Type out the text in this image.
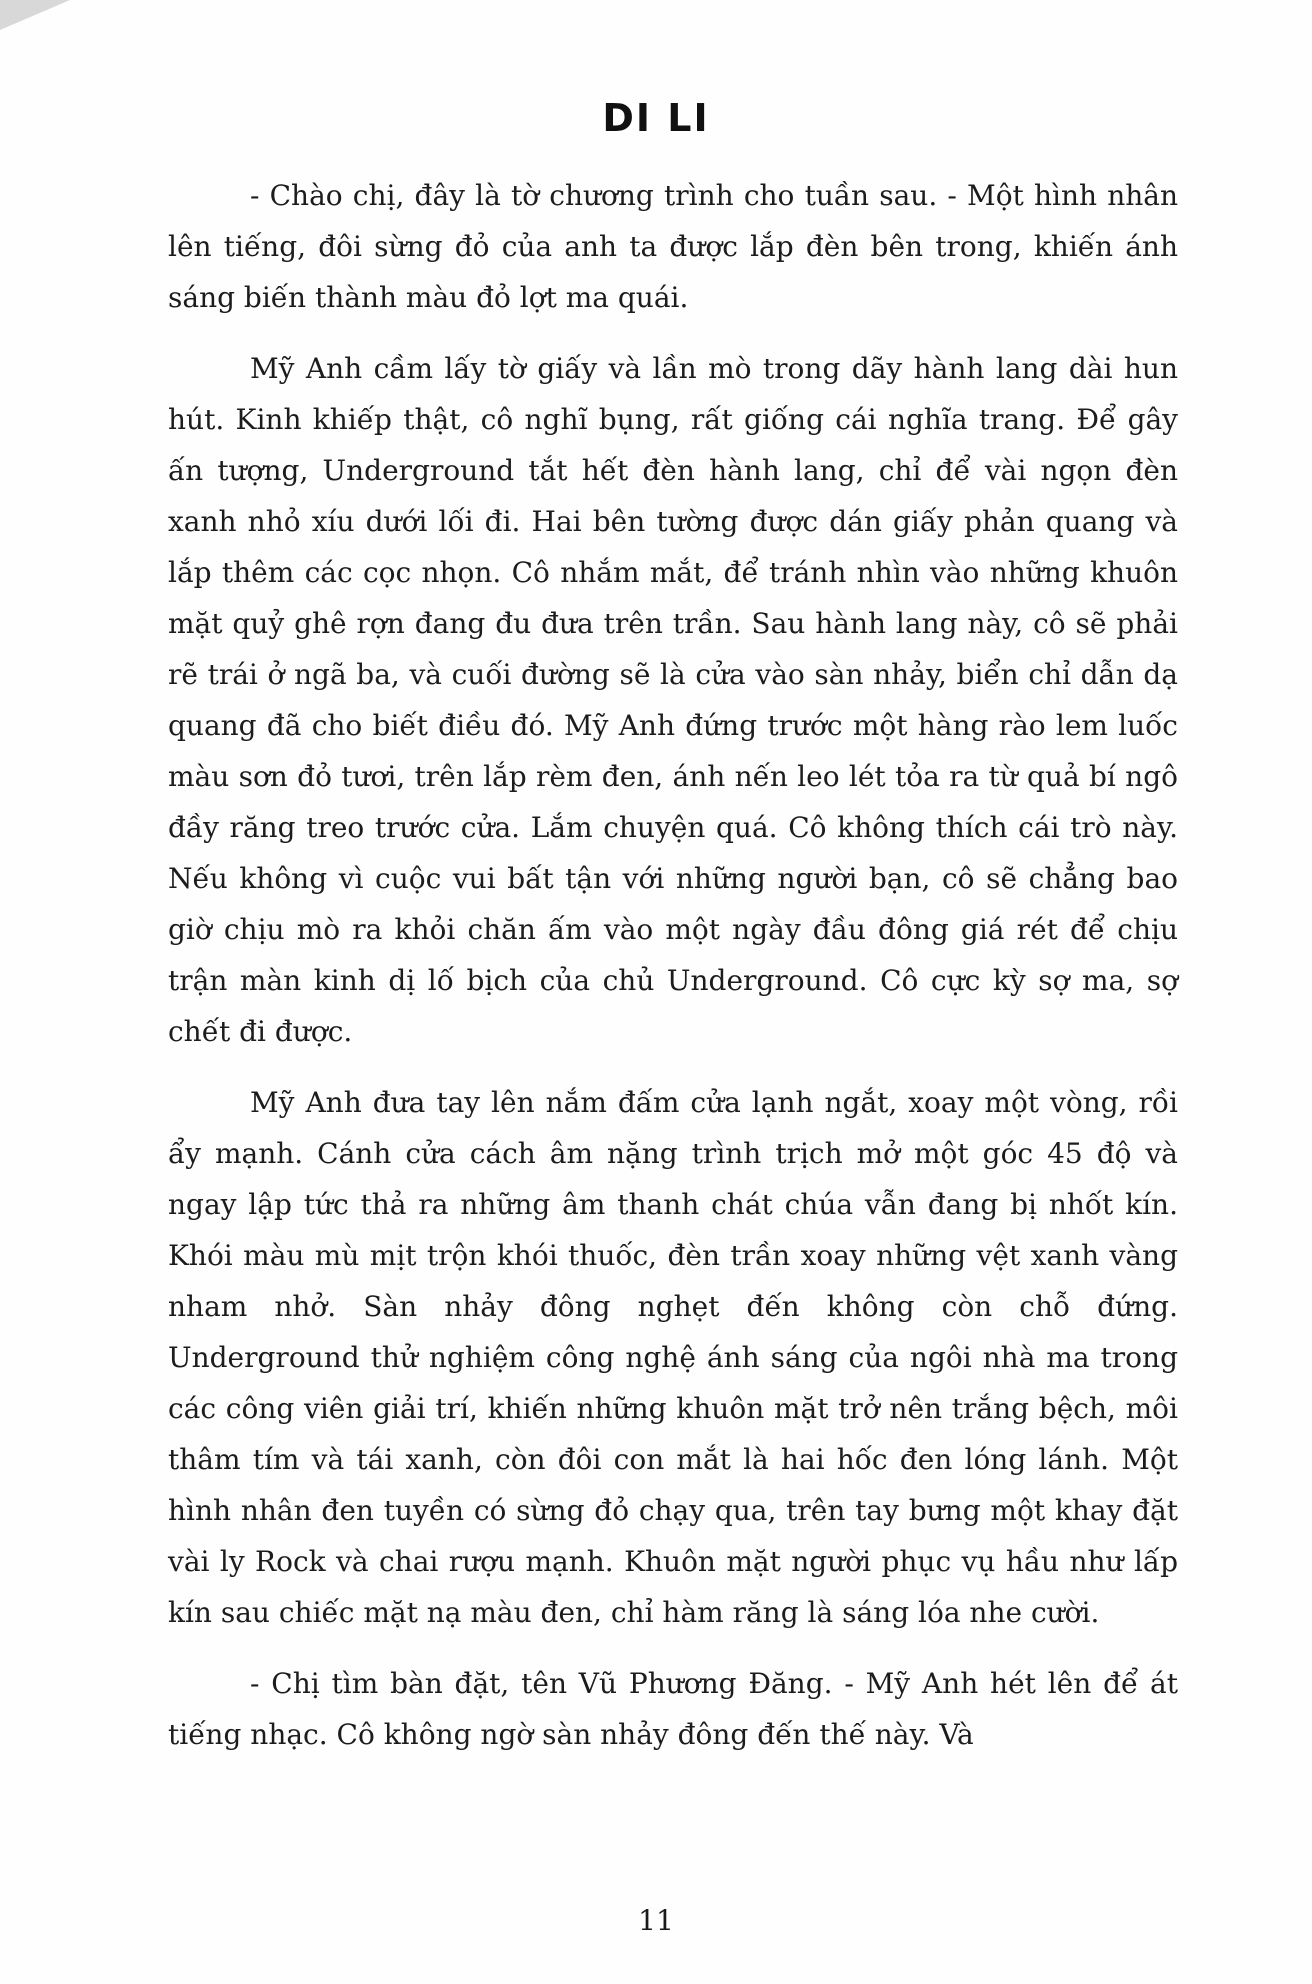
DI LI

- Chào chị, đây là tờ chương trình cho tuần sau. - Một hình nhân lên tiếng, đôi sừng đỏ của anh ta được lắp đèn bên trong, khiến ánh sáng biến thành màu đỏ lợt ma quái.

Mỹ Anh cầm lấy tờ giấy và lần mò trong dãy hành lang dài hun hút. Kinh khiếp thật, cô nghĩ bụng, rất giống cái nghĩa trang. Để gây ấn tượng, Underground tắt hết đèn hành lang, chỉ để vài ngọn đèn xanh nhỏ xíu dưới lối đi. Hai bên tường được dán giấy phản quang và lắp thêm các cọc nhọn. Cô nhắm mắt, để tránh nhìn vào những khuôn mặt quỷ ghê rợn đang đu đưa trên trần. Sau hành lang này, cô sẽ phải rẽ trái ở ngã ba, và cuối đường sẽ là cửa vào sàn nhảy, biển chỉ dẫn dạ quang đã cho biết điều đó. Mỹ Anh đứng trước một hàng rào lem luốc màu sơn đỏ tươi, trên lắp rèm đen, ánh nến leo lét tỏa ra từ quả bí ngô đầy răng treo trước cửa. Lắm chuyện quá. Cô không thích cái trò này. Nếu không vì cuộc vui bất tận với những người bạn, cô sẽ chẳng bao giờ chịu mò ra khỏi chăn ấm vào một ngày đầu đông giá rét để chịu trận màn kinh dị lố bịch của chủ Underground. Cô cực kỳ sợ ma, sợ chết đi được.

Mỹ Anh đưa tay lên nắm đấm cửa lạnh ngắt, xoay một vòng, rồi ẩy mạnh. Cánh cửa cách âm nặng trình trịch mở một góc 45 độ và ngay lập tức thả ra những âm thanh chát chúa vẫn đang bị nhốt kín. Khói màu mù mịt trộn khói thuốc, đèn trần xoay những vệt xanh vàng nham nhở. Sàn nhảy đông nghẹt đến không còn chỗ đứng. Underground thử nghiệm công nghệ ánh sáng của ngôi nhà ma trong các công viên giải trí, khiến những khuôn mặt trở nên trắng bệch, môi thâm tím và tái xanh, còn đôi con mắt là hai hốc đen lóng lánh. Một hình nhân đen tuyền có sừng đỏ chạy qua, trên tay bưng một khay đặt vài ly Rock và chai rượu mạnh. Khuôn mặt người phục vụ hầu như lấp kín sau chiếc mặt nạ màu đen, chỉ hàm răng là sáng lóa nhe cười.

- Chị tìm bàn đặt, tên Vũ Phương Đăng. - Mỹ Anh hét lên để át tiếng nhạc. Cô không ngờ sàn nhảy đông đến thế này. Và

11
